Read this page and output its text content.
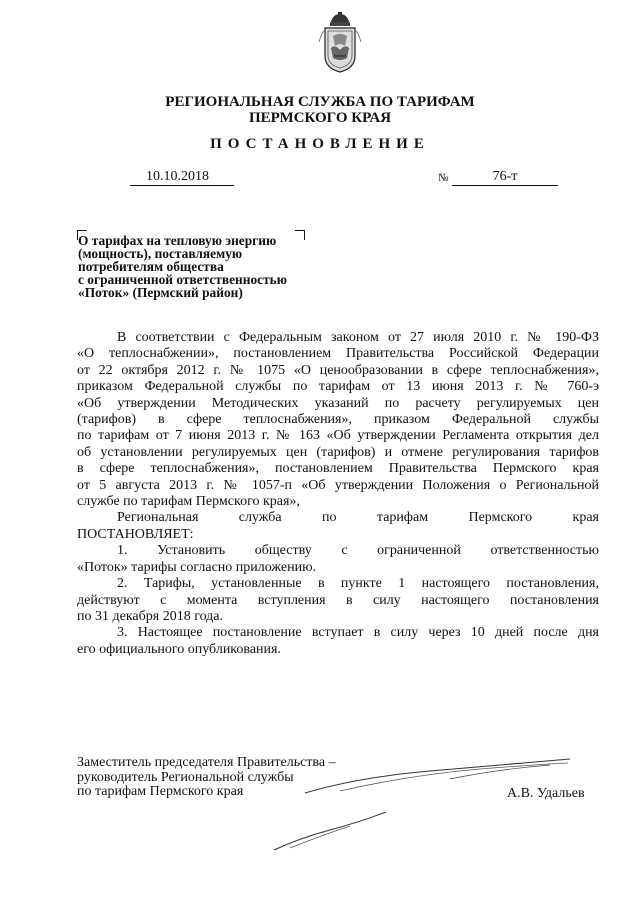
РЕГИОНАЛЬНАЯ СЛУЖБА ПО ТАРИФАМ
ПЕРМСКОГО КРАЯ
ПОСТАНОВЛЕНИЕ
10.10.2018	№	76-т
О тарифах на тепловую энергию
(мощность), поставляемую
потребителям общества
с ограниченной ответственностью
«Поток» (Пермский район)
В соответствии с Федеральным законом от 27 июля 2010 г. № 190-ФЗ
«О теплоснабжении», постановлением Правительства Российской Федерации
от 22 октября 2012 г. № 1075 «О ценообразовании в сфере теплоснабжения»,
приказом Федеральной службы по тарифам от 13 июня 2013 г. № 760-э
«Об утверждении Методических указаний по расчету регулируемых цен
(тарифов) в сфере теплоснабжения», приказом Федеральной службы
по тарифам от 7 июня 2013 г. № 163 «Об утверждении Регламента открытия дел
об установлении регулируемых цен (тарифов) и отмене регулирования тарифов
в сфере теплоснабжения», постановлением Правительства Пермского края
от 5 августа 2013 г. № 1057-п «Об утверждении Положения о Региональной
службе по тарифам Пермского края»,
Региональная служба по тарифам Пермского края
ПОСТАНОВЛЯЕТ:
1. Установить обществу с ограниченной ответственностью
«Поток» тарифы согласно приложению.
2. Тарифы, установленные в пункте 1 настоящего постановления,
действуют с момента вступления в силу настоящего постановления
по 31 декабря 2018 года.
3. Настоящее постановление вступает в силу через 10 дней после дня
его официального опубликования.
Заместитель председателя Правительства –
руководитель Региональной службы
по тарифам Пермского края	А.В. Удальев
